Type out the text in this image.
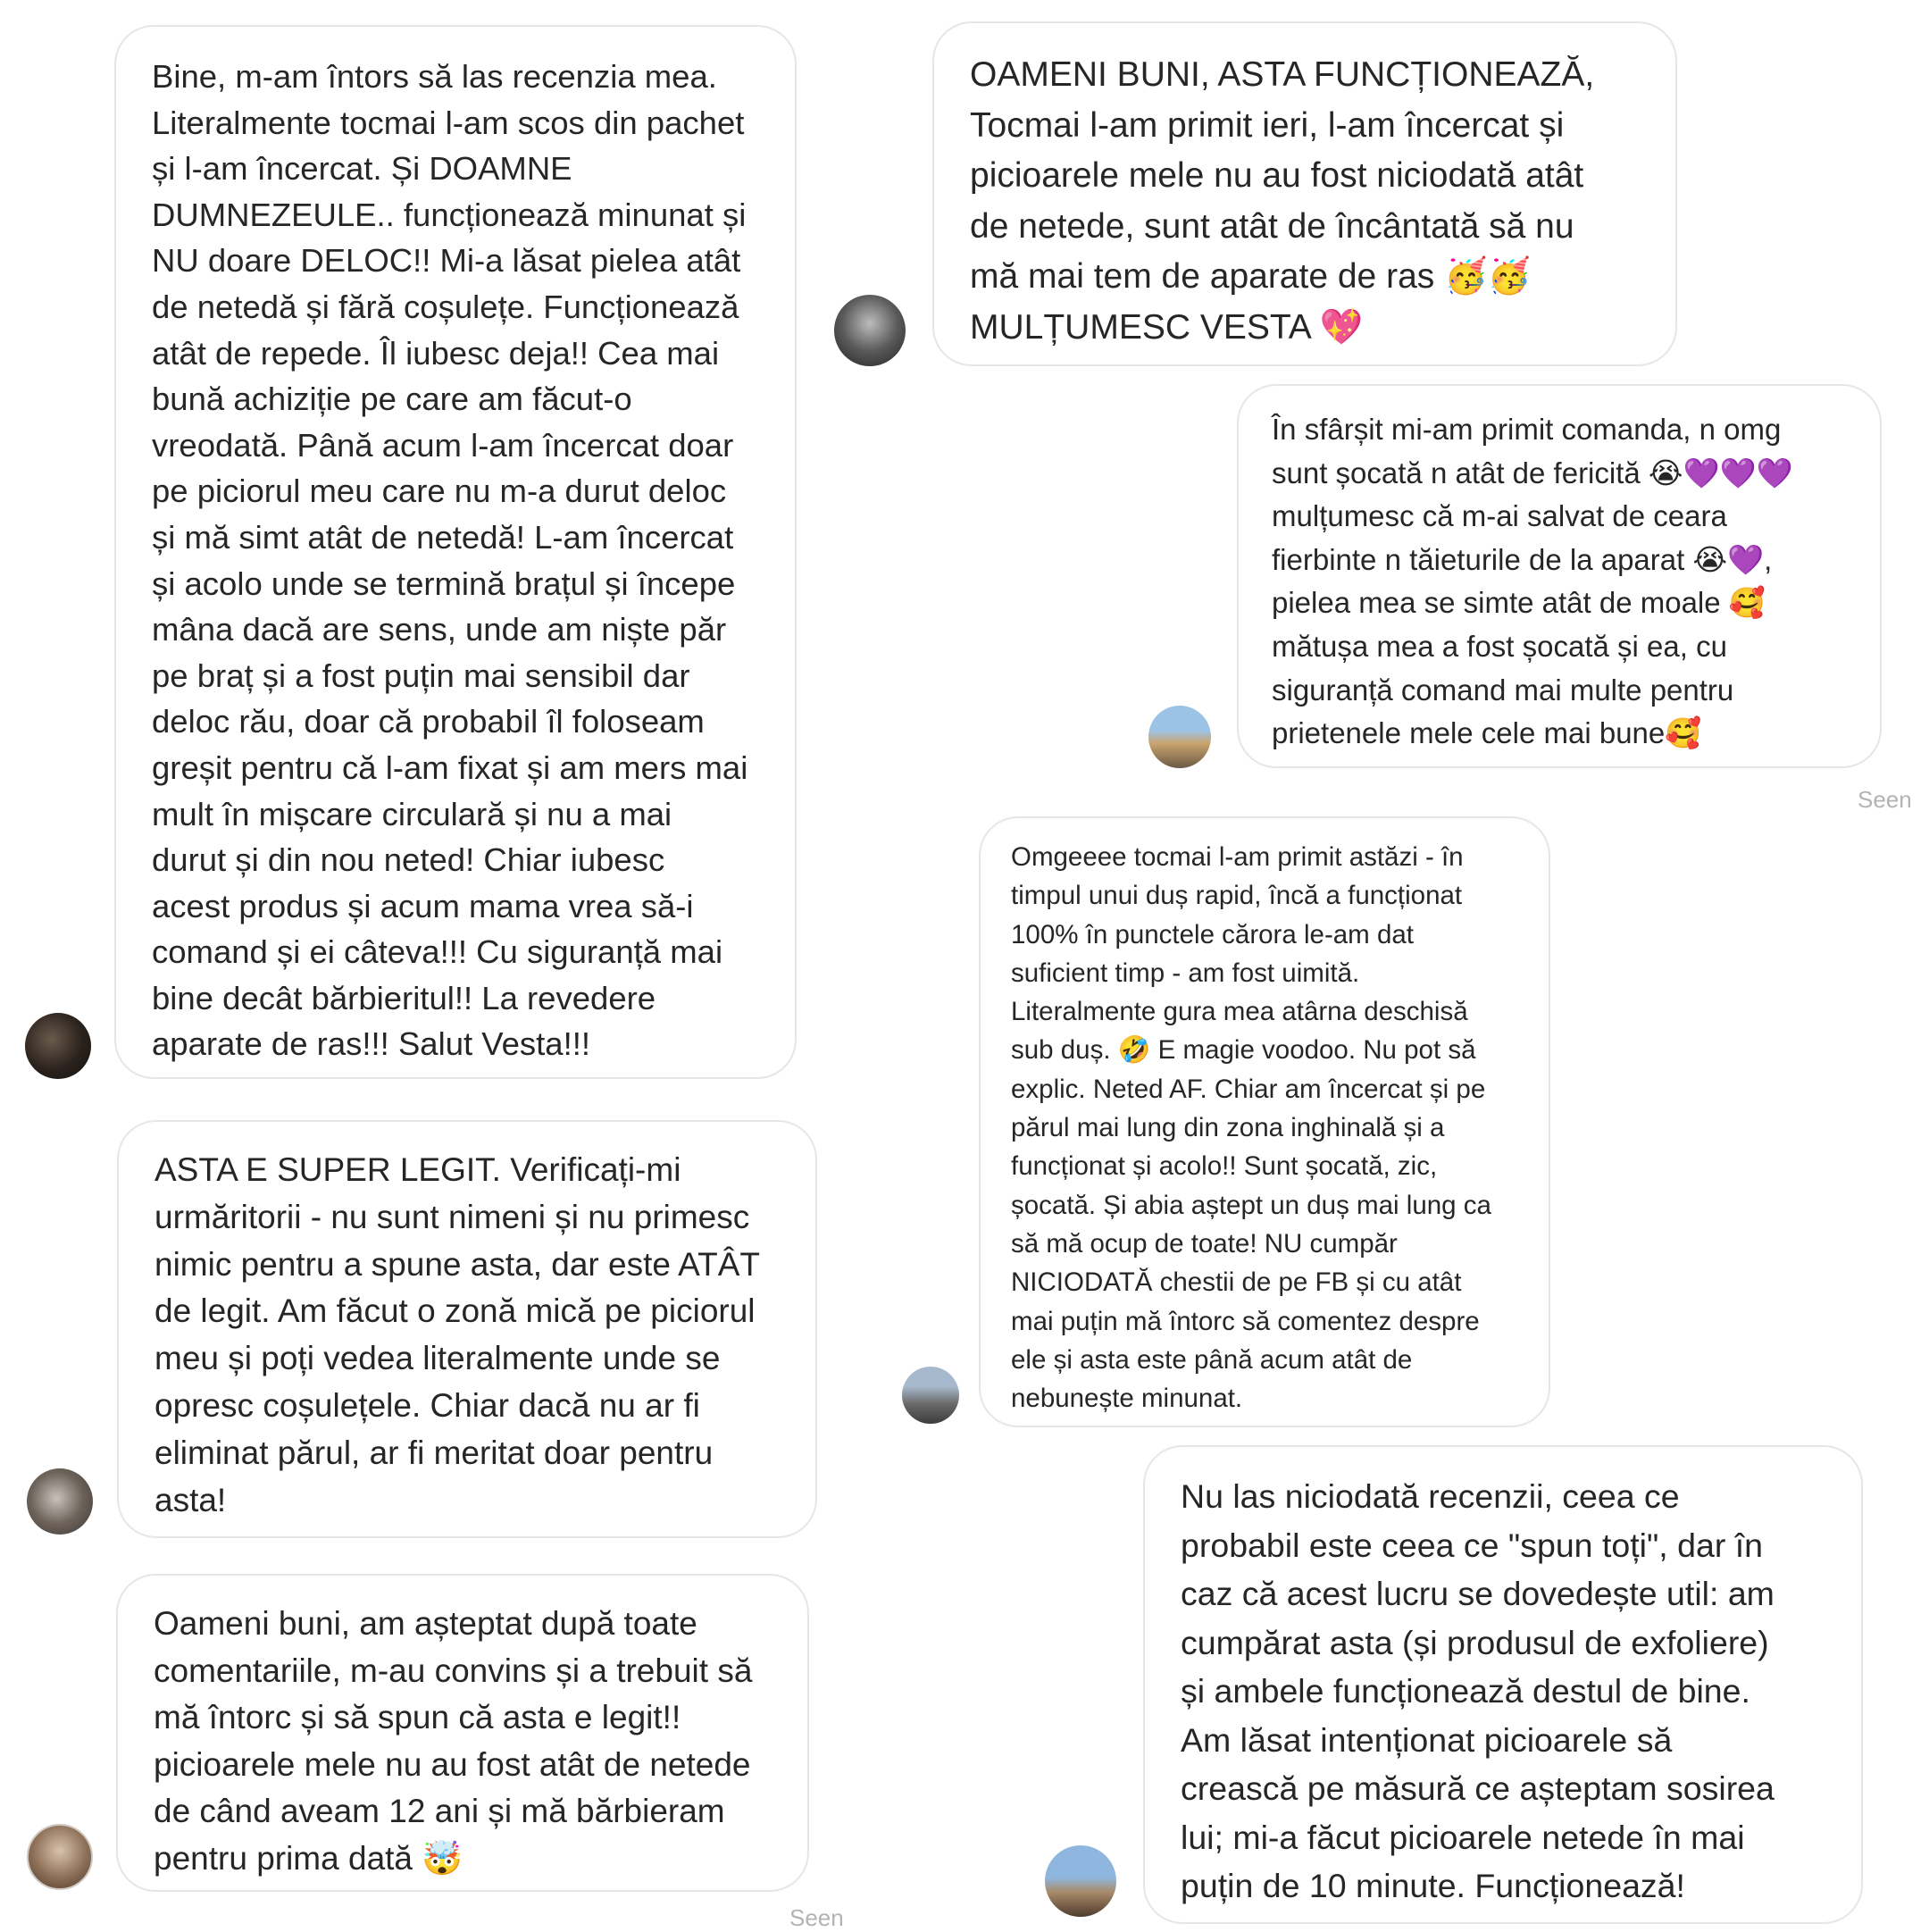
Bine, m-am întors să las recenzia mea.
Literalmente tocmai l-am scos din pachet
și l-am încercat. Și DOAMNE
DUMNEZEULE.. funcționează minunat și
NU doare DELOC!! Mi-a lăsat pielea atât
de netedă și fără coșulețe. Funcționează
atât de repede. Îl iubesc deja!! Cea mai
bună achiziție pe care am făcut-o
vreodată. Până acum l-am încercat doar
pe piciorul meu care nu m-a durut deloc
și mă simt atât de netedă! L-am încercat
și acolo unde se termină brațul și începe
mâna dacă are sens, unde am niște păr
pe braț și a fost puțin mai sensibil dar
deloc rău, doar că probabil îl foloseam
greșit pentru că l-am fixat și am mers mai
mult în mișcare circulară și nu a mai
durut și din nou neted! Chiar iubesc
acest produs și acum mama vrea să-i
comand și ei câteva!!! Cu siguranță mai
bine decât bărbieritul!! La revedere
aparate de ras!!! Salut Vesta!!!
ASTA E SUPER LEGIT. Verificați-mi
urmăritorii - nu sunt nimeni și nu primesc
nimic pentru a spune asta, dar este ATÂT
de legit. Am făcut o zonă mică pe piciorul
meu și poți vedea literalmente unde se
opresc coșulețele. Chiar dacă nu ar fi
eliminat părul, ar fi meritat doar pentru
asta!
Oameni buni, am așteptat după toate
comentariile, m-au convins și a trebuit să
mă întorc și să spun că asta e legit!!
picioarele mele nu au fost atât de netede
de când aveam 12 ani și mă bărbieram
pentru prima dată 🤯
OAMENI BUNI, ASTA FUNCȚIONEAZĂ,
Tocmai l-am primit ieri, l-am încercat și
picioarele mele nu au fost niciodată atât
de netede, sunt atât de încântată să nu
mă mai tem de aparate de ras 🥳🥳
MULȚUMESC VESTA 💖
În sfârșit mi-am primit comanda, n omg
sunt șocată n atât de fericită 😭💜💜💜
mulțumesc că m-ai salvat de ceara
fierbinte n tăieturile de la aparat 😭💜,
pielea mea se simte atât de moale 🥰
mătușa mea a fost șocată și ea, cu
siguranță comand mai multe pentru
prietenele mele cele mai bune🥰
Seen
Omgeeee tocmai l-am primit astăzi - în
timpul unui duș rapid, încă a funcționat
100% în punctele cărora le-am dat
suficient timp - am fost uimită.
Literalmente gura mea atârna deschisă
sub duș. 🤣 E magie voodoo. Nu pot să
explic. Neted AF. Chiar am încercat și pe
părul mai lung din zona inghinală și a
funcționat și acolo!! Sunt șocată, zic,
șocată. Și abia aștept un duș mai lung ca
să mă ocup de toate! NU cumpăr
NICIODATĂ chestii de pe FB și cu atât
mai puțin mă întorc să comentez despre
ele și asta este până acum atât de
nebunește minunat.
Nu las niciodată recenzii, ceea ce
probabil este ceea ce "spun toți", dar în
caz că acest lucru se dovedește util: am
cumpărat asta (și produsul de exfoliere)
și ambele funcționează destul de bine.
Am lăsat intenționat picioarele să
crească pe măsură ce așteptam sosirea
lui; mi-a făcut picioarele netede în mai
puțin de 10 minute. Funcționează!
Seen
